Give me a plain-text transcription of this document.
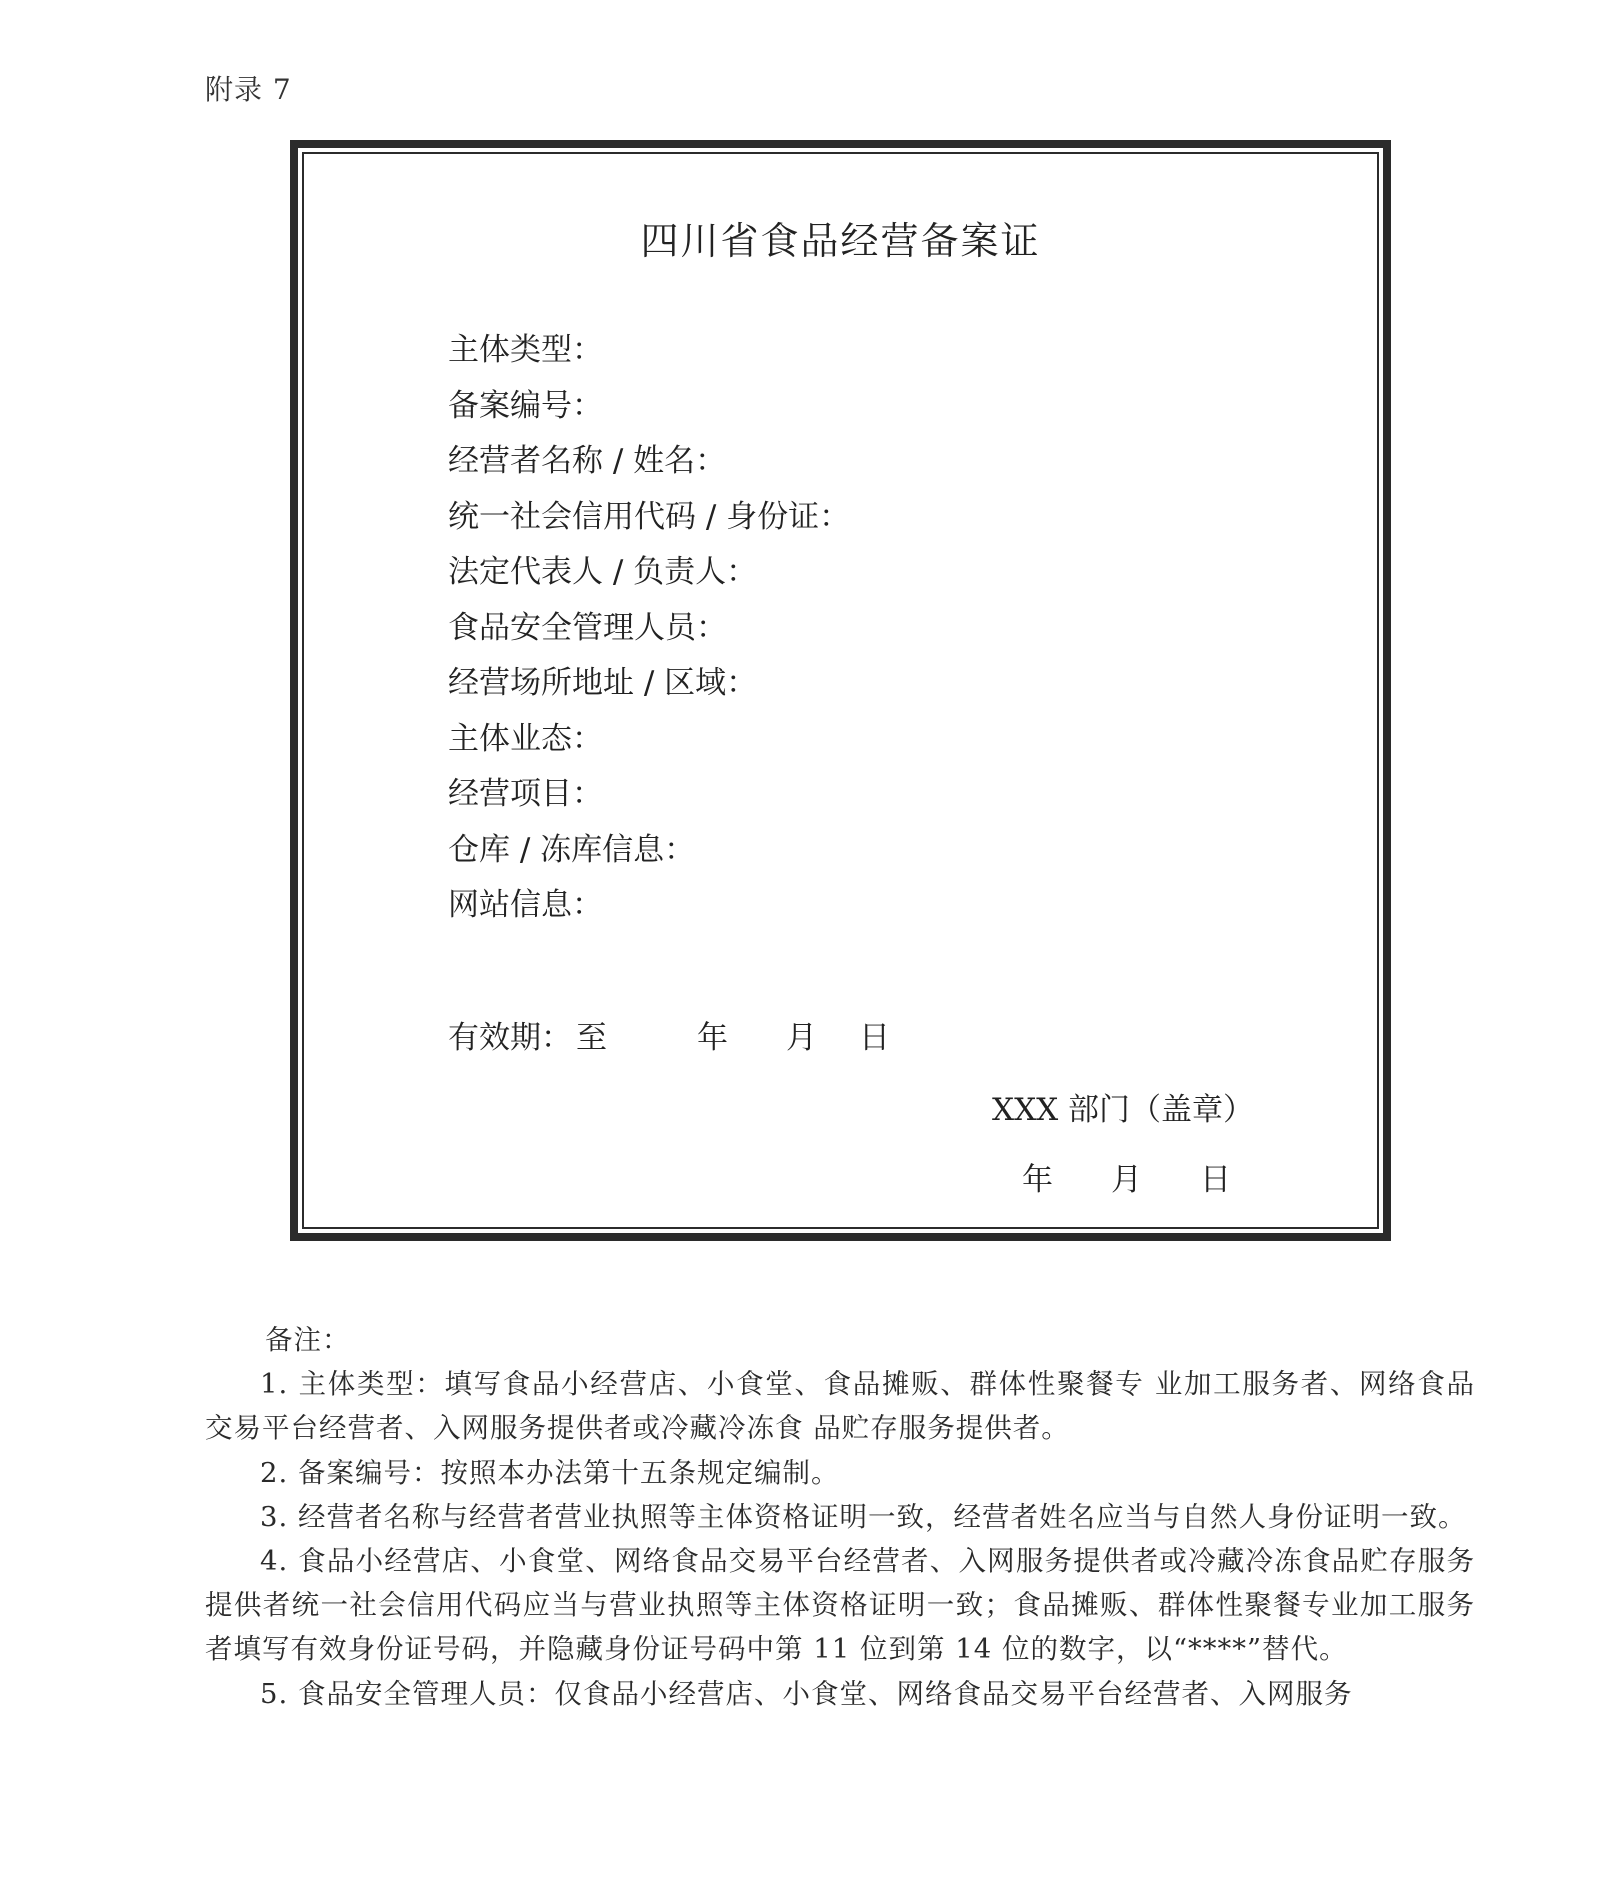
附录 7
四川省食品经营备案证
主体类型：
备案编号：
经营者名称 / 姓名：
统一社会信用代码 / 身份证：
法定代表人 / 负责人：
食品安全管理人员：
经营场所地址 / 区域：
主体业态：
经营项目：
仓库 / 冻库信息：
网站信息：
有效期： 至	年 月 日
XXX 部门（盖章）
年 月 日

备注：

1. 主体类型：填写食品小经营店、小食堂、食品摊贩、群体性聚餐专 业加工服务者、网络食品交易平台经营者、入网服务提供者或冷藏冷冻食 品贮存服务提供者。

2. 备案编号：按照本办法第十五条规定编制。

3. 经营者名称与经营者营业执照等主体资格证明一致，经营者姓名应当与自然人身份证明一致。

4. 食品小经营店、小食堂、网络食品交易平台经营者、入网服务提供者或冷藏冷冻食品贮存服务提供者统一社会信用代码应当与营业执照等主体资格证明一致；食品摊贩、群体性聚餐专业加工服务者填写有效身份证号码，并隐藏身份证号码中第 11 位到第 14 位的数字，以“****”替代。

5. 食品安全管理人员：仅食品小经营店、小食堂、网络食品交易平台经营者、入网服务
